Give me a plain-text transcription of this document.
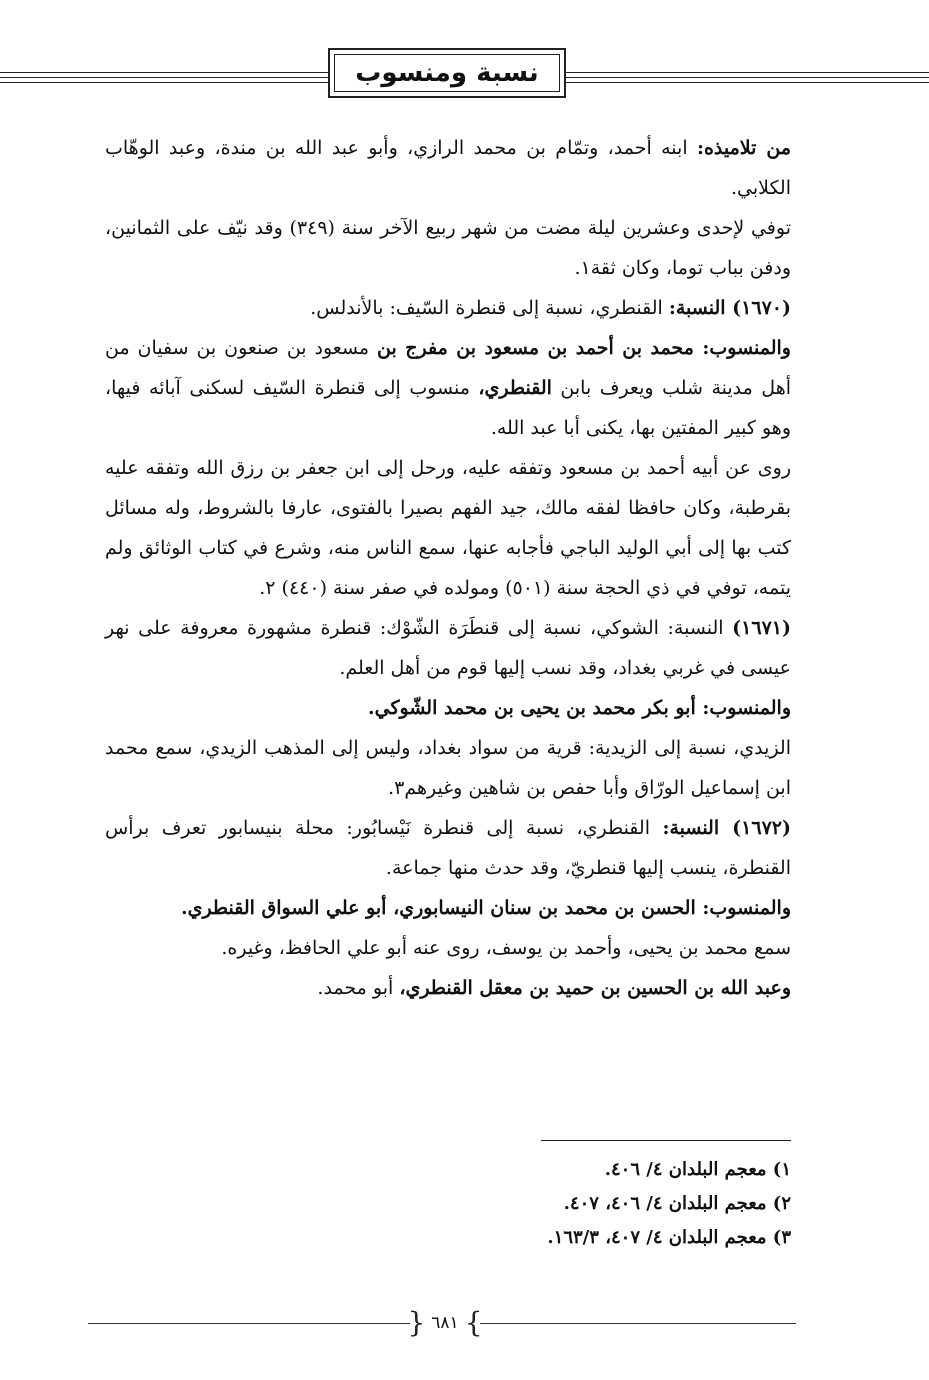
نسبة ومنسوب

من تلاميذه: ابنه أحمد، وتمّام بن محمد الرازي، وأبو عبد الله بن مندة، وعبد الوهّاب الكلابي.

توفي لإحدى وعشرين ليلة مضت من شهر ربيع الآخر سنة (٣٤٩) وقد نيّف على الثمانين، ودفن بباب توما، وكان ثقة١.

(١٦٧٠) النسبة: القنطري، نسبة إلى قنطرة السّيف: بالأندلس.

والمنسوب: محمد بن أحمد بن مسعود بن مفرج بن مسعود بن صنعون بن سفيان من أهل مدينة شلب ويعرف بابن القنطري، منسوب إلى قنطرة السّيف لسكنى آبائه فيها، وهو كبير المفتين بها، يكنى أبا عبد الله.

روى عن أبيه أحمد بن مسعود وتفقه عليه، ورحل إلى ابن جعفر بن رزق الله وتفقه عليه بقرطبة، وكان حافظا لفقه مالك، جيد الفهم بصيرا بالفتوى، عارفا بالشروط، وله مسائل كتب بها إلى أبي الوليد الباجي فأجابه عنها، سمع الناس منه، وشرع في كتاب الوثائق ولم يتمه، توفي في ذي الحجة سنة (٥٠١) ومولده في صفر سنة (٤٤٠) ٢.

(١٦٧١) النسبة: الشوكي، نسبة إلى قنطَرَة الشّوْك: قنطرة مشهورة معروفة على نهر عيسى في غربي بغداد، وقد نسب إليها قوم من أهل العلم.

والمنسوب: أبو بكر محمد بن يحيى بن محمد الشّوكي.

الزيدي، نسبة إلى الزيدية: قرية من سواد بغداد، وليس إلى المذهب الزيدي، سمع محمد ابن إسماعيل الورّاق وأبا حفص بن شاهين وغيرهم٣.

(١٦٧٢) النسبة: القنطري، نسبة إلى قنطرة نَيْسابُور: محلة بنيسابور تعرف برأس القنطرة، ينسب إليها قنطريّ، وقد حدث منها جماعة.

والمنسوب: الحسن بن محمد بن سنان النيسابوري، أبو علي السواق القنطري.

سمع محمد بن يحيى، وأحمد بن يوسف، روى عنه أبو علي الحافظ، وغيره.

وعبد الله بن الحسين بن حميد بن معقل القنطري، أبو محمد.

١) معجم البلدان ٤/ ٤٠٦.

٢) معجم البلدان ٤/ ٤٠٦، ٤٠٧.

٣) معجم البلدان ٤/ ٤٠٧، ١٦٣/٣.

}
٦٨١
{
